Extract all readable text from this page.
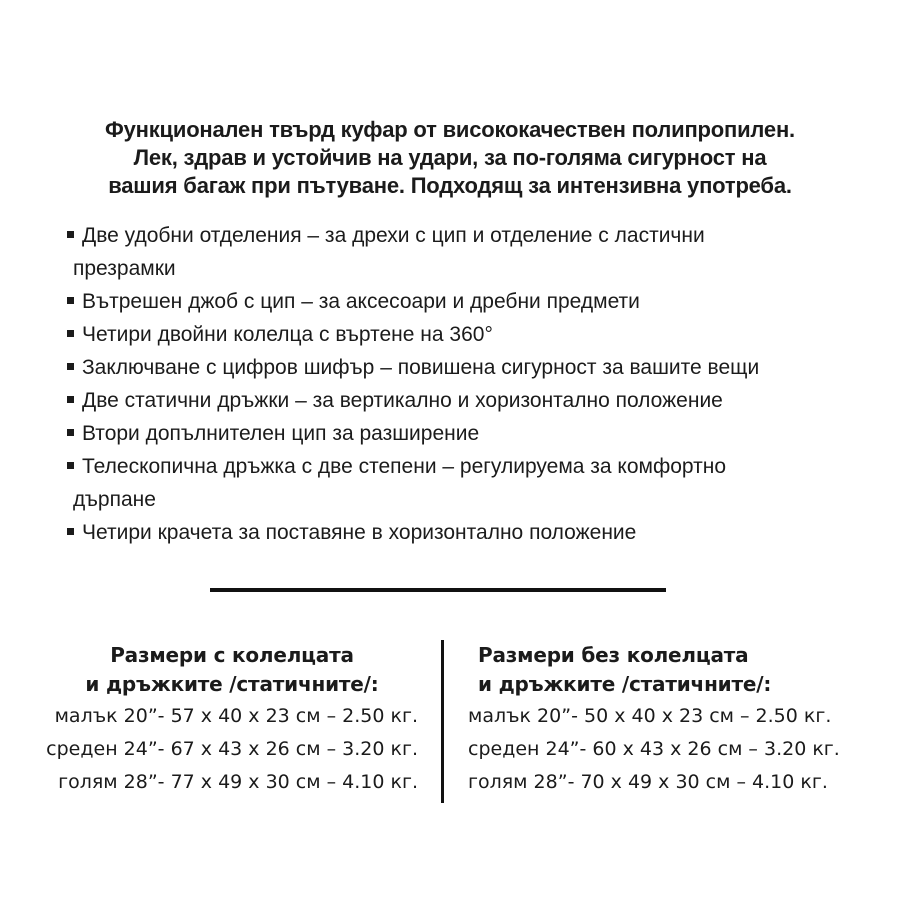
Функционален твърд куфар от висококачествен полипропилен.
Лек, здрав и устойчив на удари, за по-голяма сигурност на
вашия багаж при пътуване. Подходящ за интензивна употреба.
Две удобни отделения – за дрехи с цип и отделение с ластични
презрамки
Вътрешен джоб с цип – за аксесоари и дребни предмети
Четири двойни колелца с въртене на 360°
Заключване с цифров шифър – повишена сигурност за вашите вещи
Две статични дръжки – за вертикално и хоризонтално положение
Втори допълнителен цип за разширение
Телескопична дръжка с две степени – регулируема за комфортно
дърпане
Четири крачета за поставяне в хоризонтално положение
Размери с колелцата
и дръжките /статичните/:
Размери без колелцата
и дръжките /статичните/:
малък 20”- 57 х 40 х 23 см – 2.50 кг.
среден 24”- 67 х 43 х 26 см – 3.20 кг.
голям 28”- 77 х 49 х 30 см – 4.10 кг.
малък 20”- 50 х 40 х 23 см – 2.50 кг.
среден 24”- 60 х 43 х 26 см – 3.20 кг.
голям 28”- 70 х 49 х 30 см – 4.10 кг.
